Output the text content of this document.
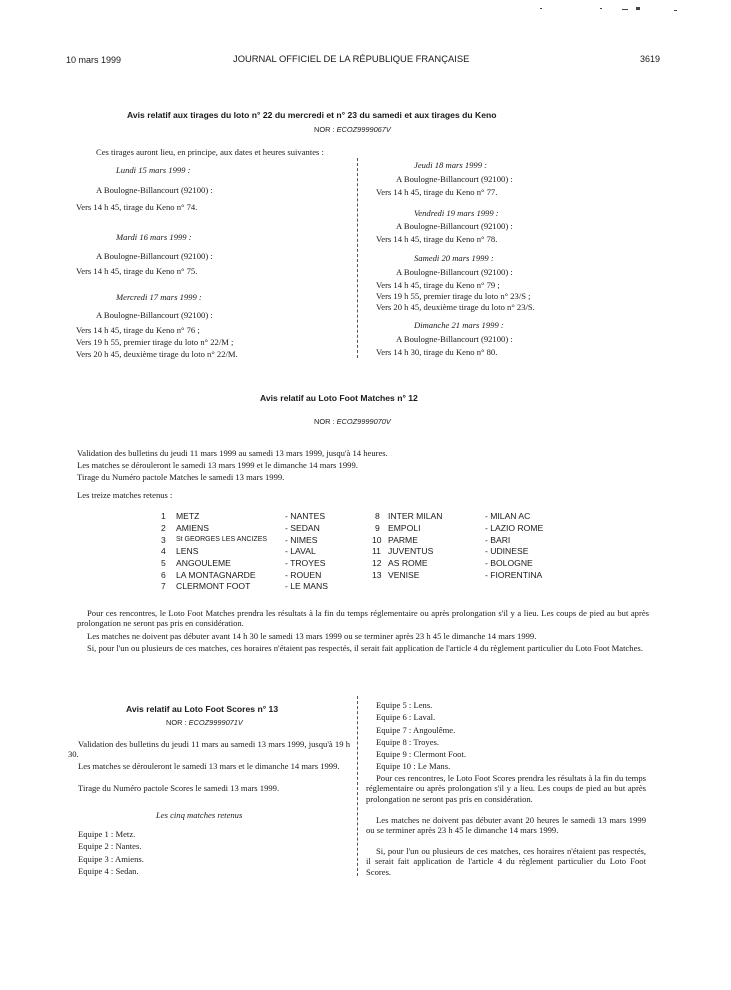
10 mars 1999	JOURNAL OFFICIEL DE LA RÉPUBLIQUE FRANÇAISE	3619
Avis relatif aux tirages du loto n° 22 du mercredi et n° 23 du samedi et aux tirages du Keno
NOR : ECOZ9999067V
Ces tirages auront lieu, en principe, aux dates et heures suivantes :
Lundi 15 mars 1999 :
A Boulogne-Billancourt (92100) :
Vers 14 h 45, tirage du Keno n° 74.
Mardi 16 mars 1999 :
A Boulogne-Billancourt (92100) :
Vers 14 h 45, tirage du Keno n° 75.
Mercredi 17 mars 1999 :
A Boulogne-Billancourt (92100) :
Vers 14 h 45, tirage du Keno n° 76 ;
Vers 19 h 55, premier tirage du loto n° 22/M ;
Vers 20 h 45, deuxième tirage du loto n° 22/M.
Jeudi 18 mars 1999 :
A Boulogne-Billancourt (92100) :
Vers 14 h 45, tirage du Keno n° 77.
Vendredi 19 mars 1999 :
A Boulogne-Billancourt (92100) :
Vers 14 h 45, tirage du Keno n° 78.
Samedi 20 mars 1999 :
A Boulogne-Billancourt (92100) :
Vers 14 h 45, tirage du Keno n° 79 ;
Vers 19 h 55, premier tirage du loto n° 23/S ;
Vers 20 h 45, deuxième tirage du loto n° 23/S.
Dimanche 21 mars 1999 :
A Boulogne-Billancourt (92100) :
Vers 14 h 30, tirage du Keno n° 80.
Avis relatif au Loto Foot Matches n° 12
NOR : ECOZ9999070V
Validation des bulletins du jeudi 11 mars 1999 au samedi 13 mars 1999, jusqu'à 14 heures.
Les matches se dérouleront le samedi 13 mars 1999 et le dimanche 14 mars 1999.
Tirage du Numéro pactole Matches le samedi 13 mars 1999.
Les treize matches retenus :
1 METZ	- NANTES	8 INTER MILAN	- MILAN AC
2 AMIENS	- SEDAN	9 EMPOLI	- LAZIO ROME
3 St GEORGES LES ANCIZES - NIMES	10 PARME	- BARI
4 LENS	- LAVAL	11 JUVENTUS	- UDINESE
5 ANGOULEME	- TROYES	12 AS ROME	- BOLOGNE
6 LA MONTAGNARDE	- ROUEN	13 VENISE	- FIORENTINA
7 CLERMONT FOOT	- LE MANS
Pour ces rencontres, le Loto Foot Matches prendra les résultats à la fin du temps réglementaire ou après prolongation s'il y a lieu. Les coups de pied au but après prolongation ne seront pas pris en considération.
Les matches ne doivent pas débuter avant 14 h 30 le samedi 13 mars 1999 ou se terminer après 23 h 45 le dimanche 14 mars 1999.
Si, pour l'un ou plusieurs de ces matches, ces horaires n'étaient pas respectés, il serait fait application de l'article 4 du règlement particulier du Loto Foot Matches.
Avis relatif au Loto Foot Scores n° 13
NOR : ECOZ9999071V
Validation des bulletins du jeudi 11 mars au samedi 13 mars 1999, jusqu'à 19 h 30.
Les matches se dérouleront le samedi 13 mars et le dimanche 14 mars 1999.
Tirage du Numéro pactole Scores le samedi 13 mars 1999.
Les cinq matches retenus
Equipe 1 : Metz.
Equipe 2 : Nantes.
Equipe 3 : Amiens.
Equipe 4 : Sedan.
Equipe 5 : Lens.
Equipe 6 : Laval.
Equipe 7 : Angoulême.
Equipe 8 : Troyes.
Equipe 9 : Clermont Foot.
Equipe 10 : Le Mans.
Pour ces rencontres, le Loto Foot Scores prendra les résultats à la fin du temps réglementaire ou après prolongation s'il y a lieu. Les coups de pied au but après prolongation ne seront pas pris en considération.
Les matches ne doivent pas débuter avant 20 heures le samedi 13 mars 1999 ou se terminer après 23 h 45 le dimanche 14 mars 1999.
Si, pour l'un ou plusieurs de ces matches, ces horaires n'étaient pas respectés, il serait fait application de l'article 4 du règlement particulier du Loto Foot Scores.
